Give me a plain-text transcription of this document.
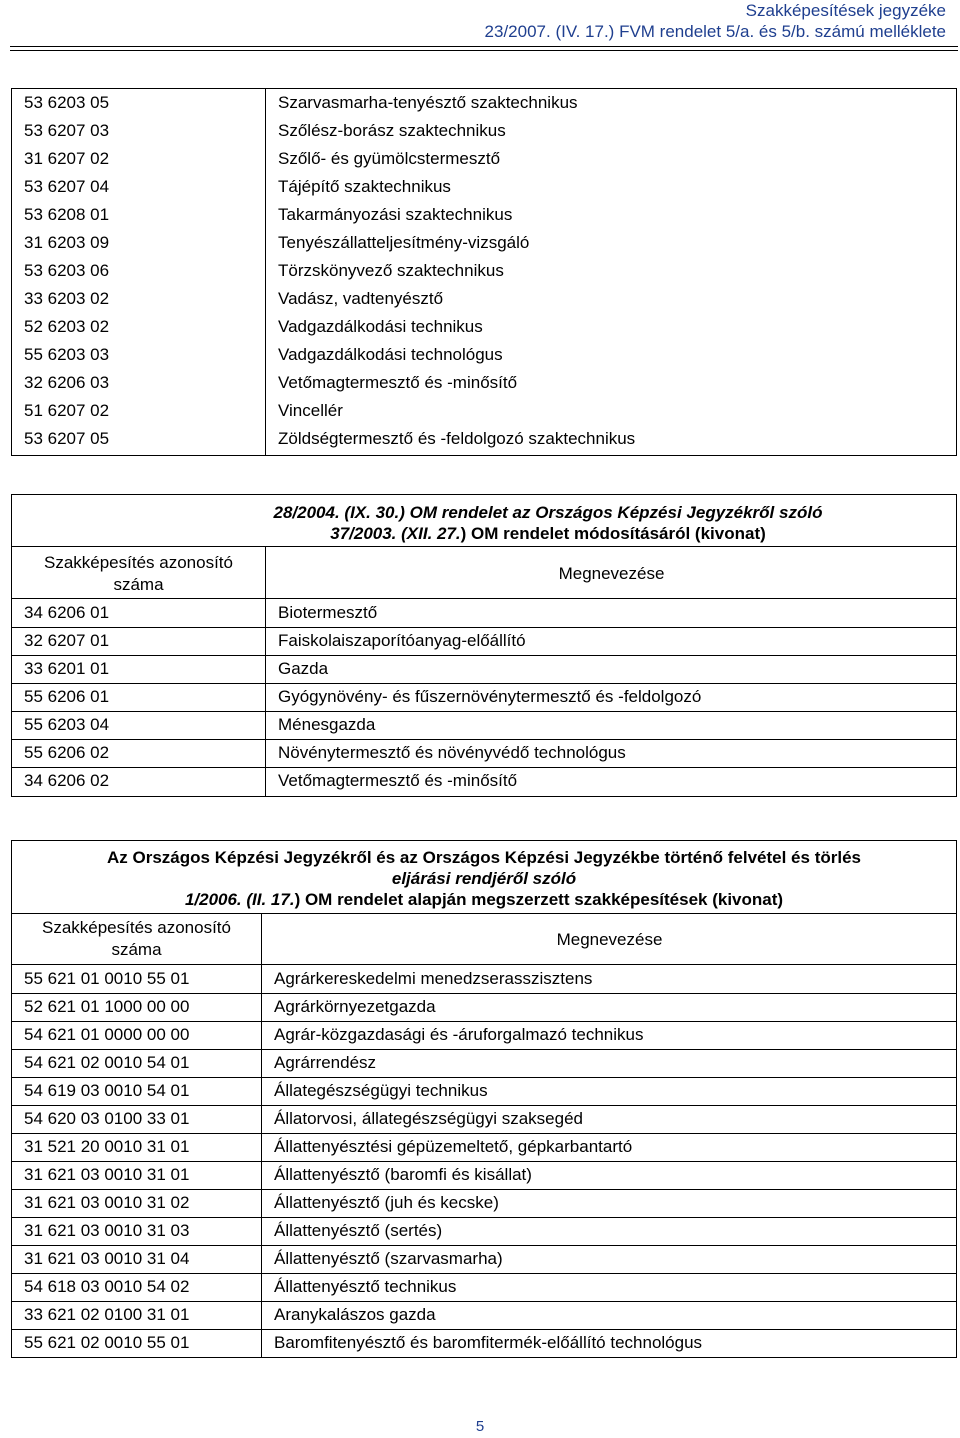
Szakképesítések jegyzéke
23/2007. (IV. 17.) FVM rendelet 5/a. és 5/b. számú melléklete
53 6203 05	Szarvasmarha-tenyésztő szaktechnikus
53 6207 03	Szőlész-borász szaktechnikus
31 6207 02	Szőlő- és gyümölcstermesztő
53 6207 04	Tájépítő szaktechnikus
53 6208 01	Takarmányozási szaktechnikus
31 6203 09	Tenyészállatteljesítmény-vizsgáló
53 6203 06	Törzskönyvező szaktechnikus
33 6203 02	Vadász, vadtenyésztő
52 6203 02	Vadgazdálkodási technikus
55 6203 03	Vadgazdálkodási technológus
32 6206 03	Vetőmagtermesztő és -minősítő
51 6207 02	Vincellér
53 6207 05	Zöldségtermesztő és -feldolgozó szaktechnikus
28/2004. (IX. 30.) OM rendelet az Országos Képzési Jegyzékről szóló
37/2003. (XII. 27.) OM rendelet módosításáról (kivonat)
Szakképesítés azonosító
száma
Megnevezése
34 6206 01	Biotermesztő
32 6207 01	Faiskolaiszaporítóanyag-előállító
33 6201 01	Gazda
55 6206 01	Gyógynövény- és fűszernövénytermesztő és -feldolgozó
55 6203 04	Ménesgazda
55 6206 02	Növénytermesztő és növényvédő technológus
34 6206 02	Vetőmagtermesztő és -minősítő
Az Országos Képzési Jegyzékről és az Országos Képzési Jegyzékbe történő felvétel és törlés
eljárási rendjéről szóló
1/2006. (II. 17.) OM rendelet alapján megszerzett szakképesítések (kivonat)
Szakképesítés azonosító
száma
Megnevezése
55 621 01 0010 55 01	Agrárkereskedelmi menedzserasszisztens
52 621 01 1000 00 00	Agrárkörnyezetgazda
54 621 01 0000 00 00	Agrár-közgazdasági és -áruforgalmazó technikus
54 621 02 0010 54 01	Agrárrendész
54 619 03 0010 54 01	Állategészségügyi technikus
54 620 03 0100 33 01	Állatorvosi, állategészségügyi szaksegéd
31 521 20 0010 31 01	Állattenyésztési gépüzemeltető, gépkarbantartó
31 621 03 0010 31 01	Állattenyésztő (baromfi és kisállat)
31 621 03 0010 31 02	Állattenyésztő (juh és kecske)
31 621 03 0010 31 03	Állattenyésztő (sertés)
31 621 03 0010 31 04	Állattenyésztő (szarvasmarha)
54 618 03 0010 54 02	Állattenyésztő technikus
33 621 02 0100 31 01	Aranykalászos gazda
55 621 02 0010 55 01	Baromfitenyésztő és baromfitermék-előállító technológus
5
